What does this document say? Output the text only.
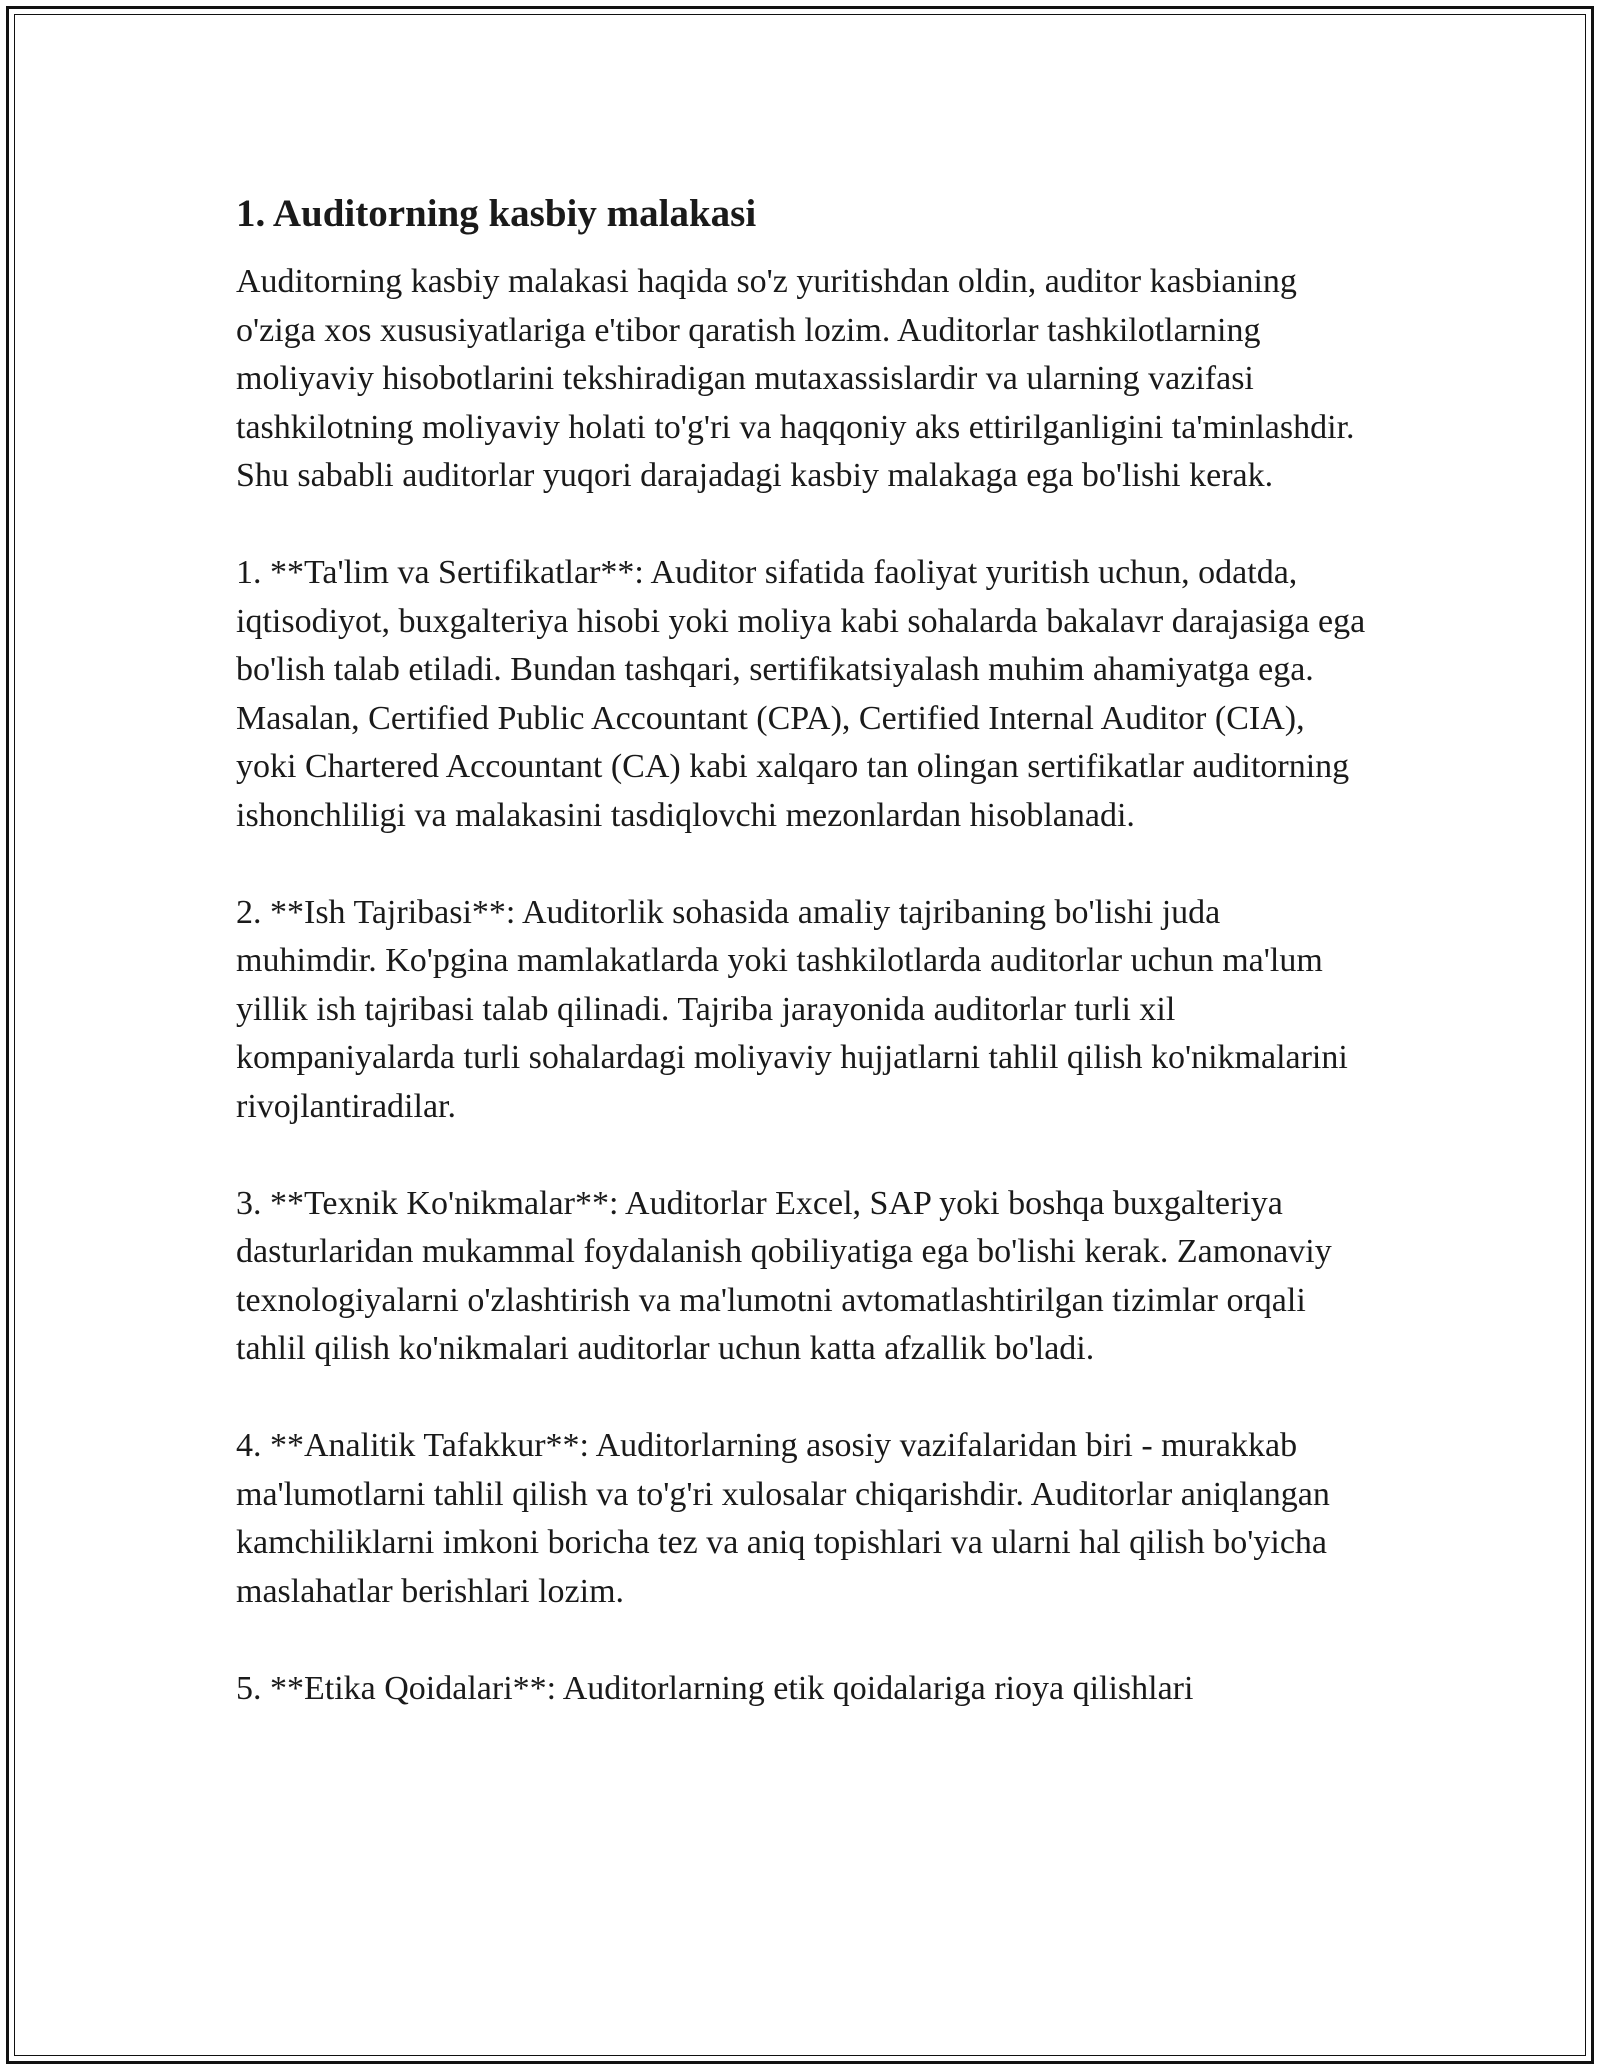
1. Auditorning kasbiy malakasi

Auditorning kasbiy malakasi haqida so'z yuritishdan oldin, auditor kasbianing o'ziga xos xususiyatlariga e'tibor qaratish lozim. Auditorlar tashkilotlarning moliyaviy hisobotlarini tekshiradigan mutaxassislardir va ularning vazifasi tashkilotning moliyaviy holati to'g'ri va haqqoniy aks ettirilganligini ta'minlashdir. Shu sababli auditorlar yuqori darajadagi kasbiy malakaga ega bo'lishi kerak.

1. **Ta'lim va Sertifikatlar**: Auditor sifatida faoliyat yuritish uchun, odatda, iqtisodiyot, buxgalteriya hisobi yoki moliya kabi sohalarda bakalavr darajasiga ega bo'lish talab etiladi. Bundan tashqari, sertifikatsiyalash muhim ahamiyatga ega. Masalan, Certified Public Accountant (CPA), Certified Internal Auditor (CIA), yoki Chartered Accountant (CA) kabi xalqaro tan olingan sertifikatlar auditorning ishonchliligi va malakasini tasdiqlovchi mezonlardan hisoblanadi.

2. **Ish Tajribasi**: Auditorlik sohasida amaliy tajribaning bo'lishi juda muhimdir. Ko'pgina mamlakatlarda yoki tashkilotlarda auditorlar uchun ma'lum yillik ish tajribasi talab qilinadi. Tajriba jarayonida auditorlar turli xil kompaniyalarda turli sohalardagi moliyaviy hujjatlarni tahlil qilish ko'nikmalarini rivojlantiradilar.

3. **Texnik Ko'nikmalar**: Auditorlar Excel, SAP yoki boshqa buxgalteriya dasturlaridan mukammal foydalanish qobiliyatiga ega bo'lishi kerak. Zamonaviy texnologiyalarni o'zlashtirish va ma'lumotni avtomatlashtirilgan tizimlar orqali tahlil qilish ko'nikmalari auditorlar uchun katta afzallik bo'ladi.

4. **Analitik Tafakkur**: Auditorlarning asosiy vazifalaridan biri - murakkab ma'lumotlarni tahlil qilish va to'g'ri xulosalar chiqarishdir. Auditorlar aniqlangan kamchiliklarni imkoni boricha tez va aniq topishlari va ularni hal qilish bo'yicha maslahatlar berishlari lozim.

5. **Etika Qoidalari**: Auditorlarning etik qoidalariga rioya qilishlari
